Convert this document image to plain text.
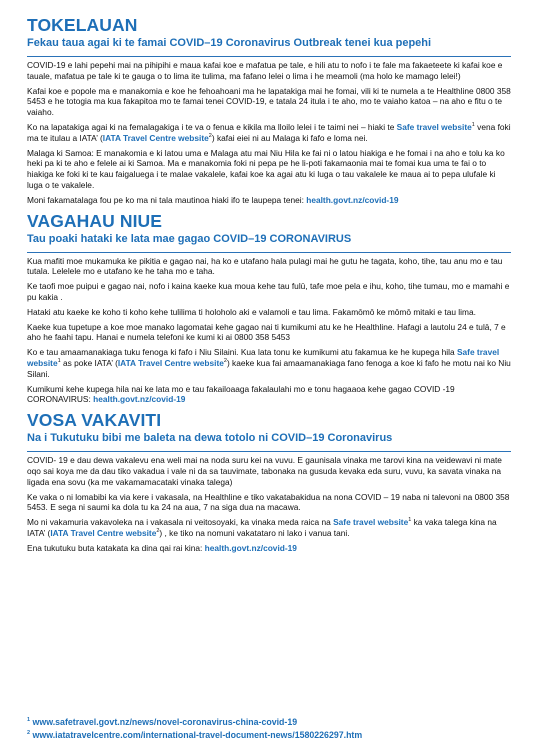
TOKELAUAN
Fekau taua agai ki te famai COVID–19 Coronavirus Outbreak tenei kua pepehi

COVID-19 e lahi pepehi mai na pihipihi e maua kafai koe e mafatua pe tale, e hili atu to nofo i te fale ma fakaeteete ki kafai koe e tauale, mafatua pe tale ki te gauga o to lima ite tulima, ma fafano lelei o lima i he meamoli (ma holo ke mamago lelei!)

Kafai koe e popole ma e manakomia e koe he fehoahoani ma he lapatakiga mai he fomai, vili ki te numela a te Healthline 0800 358 5453 e he totogia ma kua fakapitoa mo te famai tenei COVID-19, e tatala 24 itula i te aho, mo te vaiaho katoa – na aho e fitu o te vaiaho.

Ko na lapatakiga agai ki na femalagakiga i te va o fenua e kikila ma lloilo lelei i te taimi nei – hiaki te Safe travel website$^1$ vena foki ma te itulau a IATA’ (IATA Travel Centre website$^2$) kafai eiei ni au Malaga ki fafo e loma nei.

Malaga ki Samoa: E manakomia e ki latou uma e Malaga atu mai Niu Hila ke fai ni o latou hiakiga e he fomai i na aho e tolu ka ko heki pa ki te aho e felele ai ki Samoa. Ma e manakomia foki ni pepa pe he li-poti fakamaonia mai te fomai kua uma te fai o to hiakiga ke foki ki te kau faigaluega i te malae vakalele, kafai koe ka agai atu ki luga o tau vakalele ke maua ai to pepa ulufale ki luga o te vakalele.

Moni fakamatalaga fou pe ko ma ni tala mautinoa hiaki ifo te laupepa tenei: health.govt.nz/covid-19

VAGAHAU NIUE
Tau poaki hataki ke lata mae gagao COVID–19 CORONAVIRUS

Kua mafiti moe mukamuka ke pikitia e gagao nai, ha ko e utafano hala pulagi mai he gutu he tagata, koho, tihe, tau anu mo e tau tutala. Lelelele mo e utafano ke he taha mo e taha.

Ke taofi moe puipui e gagao nai, nofo i kaina kaeke kua moua kehe tau fulū, tafe moe pela e ihu, koho, tihe tumau, mo e mamahi e pu kakia .

Hataki atu kaeke ke koho ti koho kehe tulilima ti holoholo aki e valamoli e tau lima. Fakamōmō ke mōmō mitaki e tau lima.

Kaeke kua tupetupe a koe moe manako lagomatai kehe gagao nai ti kumikumi atu ke he Healthline. Hafagi a lautolu 24 e tulā, 7 e aho he faahi tapu. Hanai e numela telefoni ke kumi ki ai 0800 358 5453

Ko e tau amaamanakiaga tuku fenoga ki fafo i Niu Silaini. Kua lata tonu ke kumikumi atu fakamua ke he kupega hila Safe travel website$^1$ as poke IATA’ (IATA Travel Centre website$^2$) kaeke kua fai amaamanakiaga fano fenoga a koe ki fafo he motu nai ko Niu Silani.

Kumikumi kehe kupega hila nai ke lata mo e tau fakailoaaga fakalaulahi mo e tonu hagaaoa kehe gagao COVID -19 CORONAVIRUS: health.govt.nz/covid-19

VOSA VAKAVITI
Na i Tukutuku bibi me baleta na dewa totolo ni COVID–19 Coronavirus

COVID- 19 e dau dewa vakalevu ena weli mai na noda suru kei na vuvu. E gaunisala vinaka me tarovi kina na veidewavi ni mate oqo sai koya me da dau tiko vakadua i vale ni da sa tauvimate, tabonaka na gusuda kevaka eda suru, vuvu, ka savata vinaka na ligada ena sovu (ka me vakamamacataki vinaka talega)

Ke vaka o ni lomabibi ka via kere i vakasala, na Healthline e tiko vakatabakidua na nona COVID – 19 naba ni talevoni na 0800 358 5453. E sega ni saumi ka dola tu ka 24 na aua, 7 na siga dua na macawa.

Mo ni vakamuria vakavoleka na i vakasala ni veitosoyaki, ka vinaka meda raica na Safe travel website$^1$ ka vaka talega kina na IATA’ (IATA Travel Centre website$^2$) , ke tiko na nomuni vakatataro ni lako i vanua tani.

Ena tukutuku buta katakata ka dina qai rai kina: health.govt.nz/covid-19

$^1$ www.safetravel.govt.nz/news/novel-coronavirus-china-covid-19
$^2$ www.iatatravelcentre.com/international-travel-document-news/1580226297.htm
